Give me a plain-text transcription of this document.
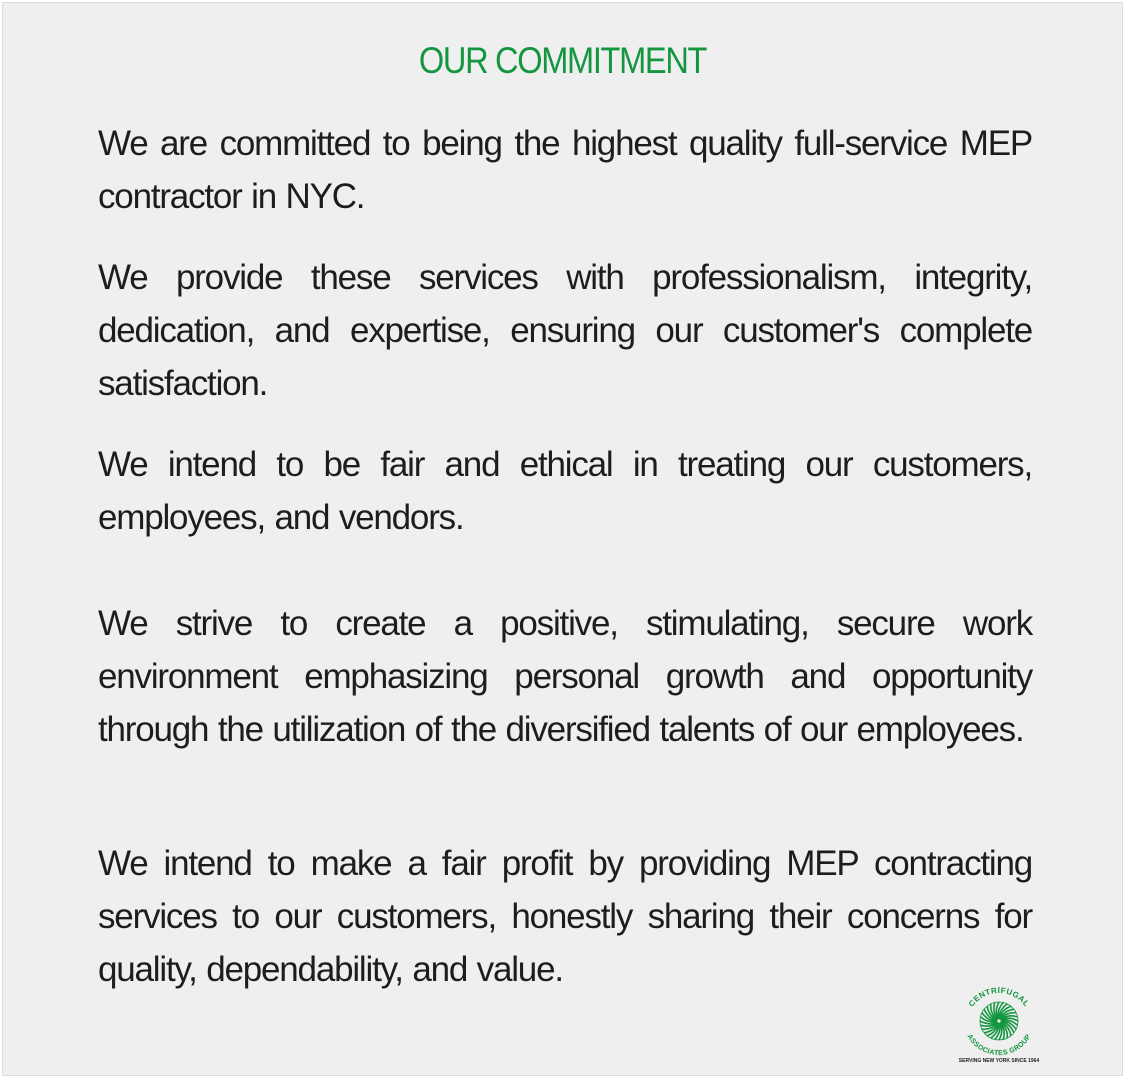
OUR COMMITMENT

We are committed to being the highest quality full-service MEP contractor in NYC.

We provide these services with professionalism, integrity, dedication, and expertise, ensuring our customer's complete satisfaction.

We intend to be fair and ethical in treating our customers, employees, and vendors.

We strive to create a positive, stimulating, secure work environment emphasizing personal growth and opportunity through the utilization of the diversified talents of our employees.

We intend to make a fair profit by providing MEP contracting services to our customers, honestly sharing their concerns for quality, dependability, and value.

CENTRIFUGAL
ASSOCIATES GROUP
SERVING NEW YORK SINCE 1964
